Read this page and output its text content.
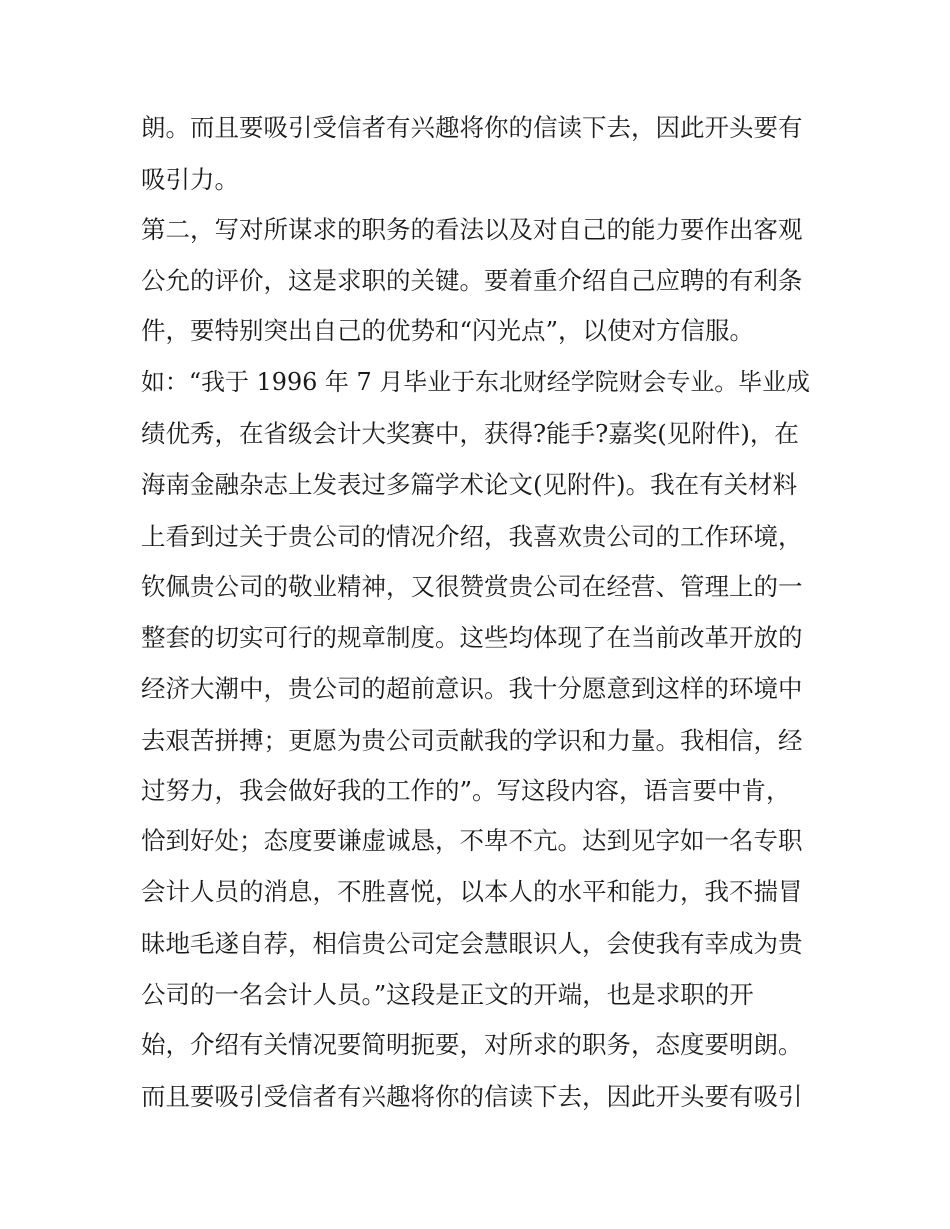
朗。而且要吸引受信者有兴趣将你的信读下去，因此开头要有

吸引力。

第二，写对所谋求的职务的看法以及对自己的能力要作出客观

公允的评价，这是求职的关键。要着重介绍自己应聘的有利条

件，要特别突出自己的优势和“闪光点”，以使对方信服。

如：“我于 1996 年 7 月毕业于东北财经学院财会专业。毕业成

绩优秀，在省级会计大奖赛中，获得?能手?嘉奖(见附件)，在

海南金融杂志上发表过多篇学术论文(见附件)。我在有关材料

上看到过关于贵公司的情况介绍，我喜欢贵公司的工作环境，

钦佩贵公司的敬业精神，又很赞赏贵公司在经营、管理上的一

整套的切实可行的规章制度。这些均体现了在当前改革开放的

经济大潮中，贵公司的超前意识。我十分愿意到这样的环境中

去艰苦拼搏；更愿为贵公司贡献我的学识和力量。我相信，经

过努力，我会做好我的工作的”。写这段内容，语言要中肯，

恰到好处；态度要谦虚诚恳，不卑不亢。达到见字如一名专职

会计人员的消息，不胜喜悦，以本人的水平和能力，我不揣冒

昧地毛遂自荐，相信贵公司定会慧眼识人，会使我有幸成为贵

公司的一名会计人员。”这段是正文的开端，也是求职的开

始，介绍有关情况要简明扼要，对所求的职务，态度要明朗。

而且要吸引受信者有兴趣将你的信读下去，因此开头要有吸引
